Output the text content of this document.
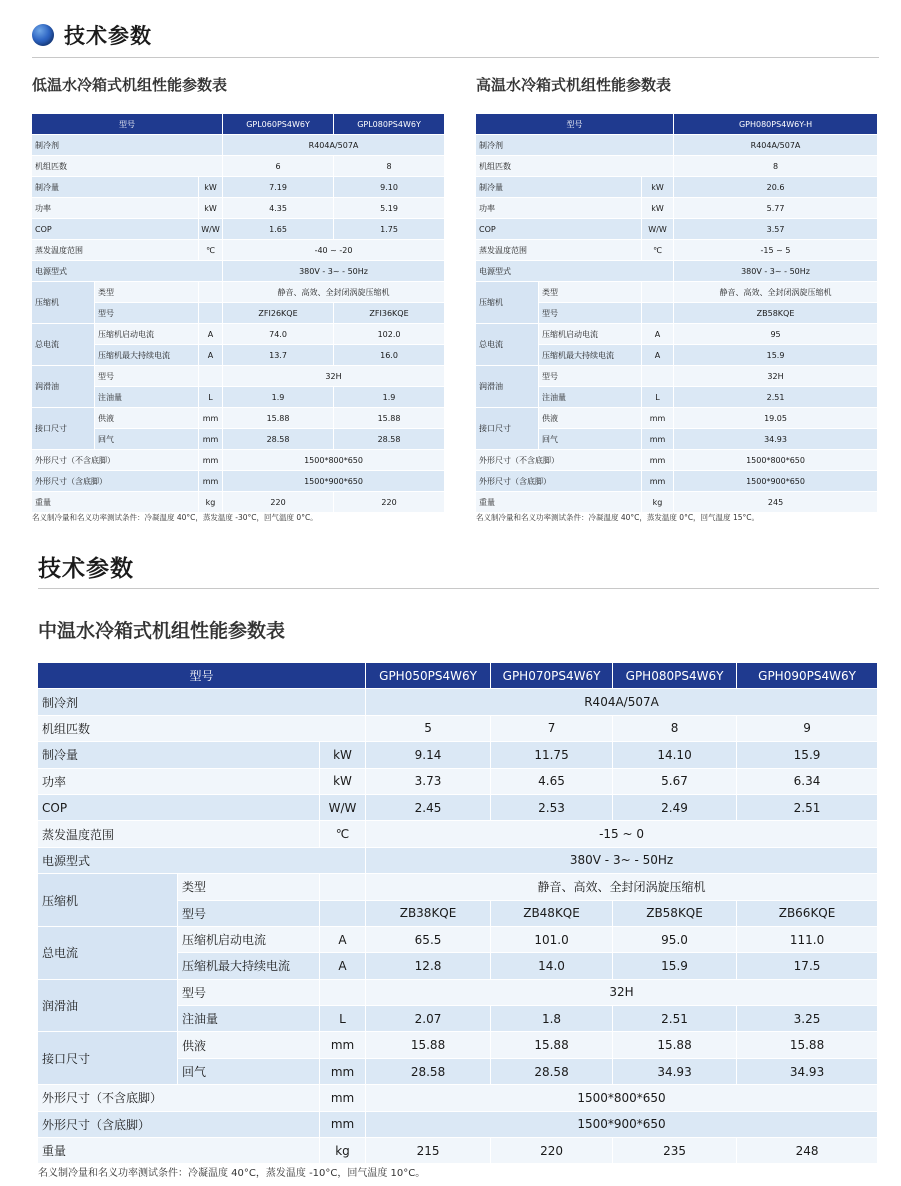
技术参数
低温水冷箱式机组性能参数表
型号			GPL060PS4W6Y	GPL080PS4W6Y
制冷剂			R404A/507A	
机组匹数			6	8
制冷量		kW	7.19	9.10
功率		kW	4.35	5.19
COP		W/W	1.65	1.75
蒸发温度范围		℃	-40 ~ -20	
电源型式			380V - 3~ - 50Hz	
压缩机	类型		静音、高效、全封闭涡旋压缩机	
	型号		ZFI26KQE	ZFI36KQE
总电流	压缩机启动电流	A	74.0	102.0
	压缩机最大持续电流	A	13.7	16.0
润滑油	型号		32H	
	注油量	L	1.9	1.9
接口尺寸	供液	mm	15.88	15.88
	回气	mm	28.58	28.58
外形尺寸（不含底脚）		mm	1500*800*650	
外形尺寸（含底脚）		mm	1500*900*650	
重量		kg	220	220
名义制冷量和名义功率测试条件：冷凝温度 40°C，蒸发温度 -30°C，回气温度 0°C。
高温水冷箱式机组性能参数表
型号			GPH080PS4W6Y-H
制冷剂			R404A/507A
机组匹数			8
制冷量		kW	20.6
功率		kW	5.77
COP		W/W	3.57
蒸发温度范围		℃	-15 ~ 5
电源型式			380V - 3~ - 50Hz
压缩机	类型		静音、高效、全封闭涡旋压缩机
	型号		ZB58KQE
总电流	压缩机启动电流	A	95
	压缩机最大持续电流	A	15.9
润滑油	型号		32H
	注油量	L	2.51
接口尺寸	供液	mm	19.05
	回气	mm	34.93
外形尺寸（不含底脚）		mm	1500*800*650
外形尺寸（含底脚）		mm	1500*900*650
重量		kg	245
名义制冷量和名义功率测试条件：冷凝温度 40°C，蒸发温度 0°C，回气温度 15°C。
技术参数
中温水冷箱式机组性能参数表
型号			GPH050PS4W6Y	GPH070PS4W6Y	GPH080PS4W6Y	GPH090PS4W6Y
制冷剂			R404A/507A			
机组匹数			5	7	8	9
制冷量		kW	9.14	11.75	14.10	15.9
功率		kW	3.73	4.65	5.67	6.34
COP		W/W	2.45	2.53	2.49	2.51
蒸发温度范围		℃	-15 ~ 0			
电源型式			380V - 3~ - 50Hz			
压缩机	类型		静音、高效、全封闭涡旋压缩机			
	型号		ZB38KQE	ZB48KQE	ZB58KQE	ZB66KQE
总电流	压缩机启动电流	A	65.5	101.0	95.0	111.0
	压缩机最大持续电流	A	12.8	14.0	15.9	17.5
润滑油	型号		32H			
	注油量	L	2.07	1.8	2.51	3.25
接口尺寸	供液	mm	15.88	15.88	15.88	15.88
	回气	mm	28.58	28.58	34.93	34.93
外形尺寸（不含底脚）		mm	1500*800*650			
外形尺寸（含底脚）		mm	1500*900*650			
重量		kg	215	220	235	248
名义制冷量和名义功率测试条件：冷凝温度 40°C，蒸发温度 -10°C，回气温度 10°C。
